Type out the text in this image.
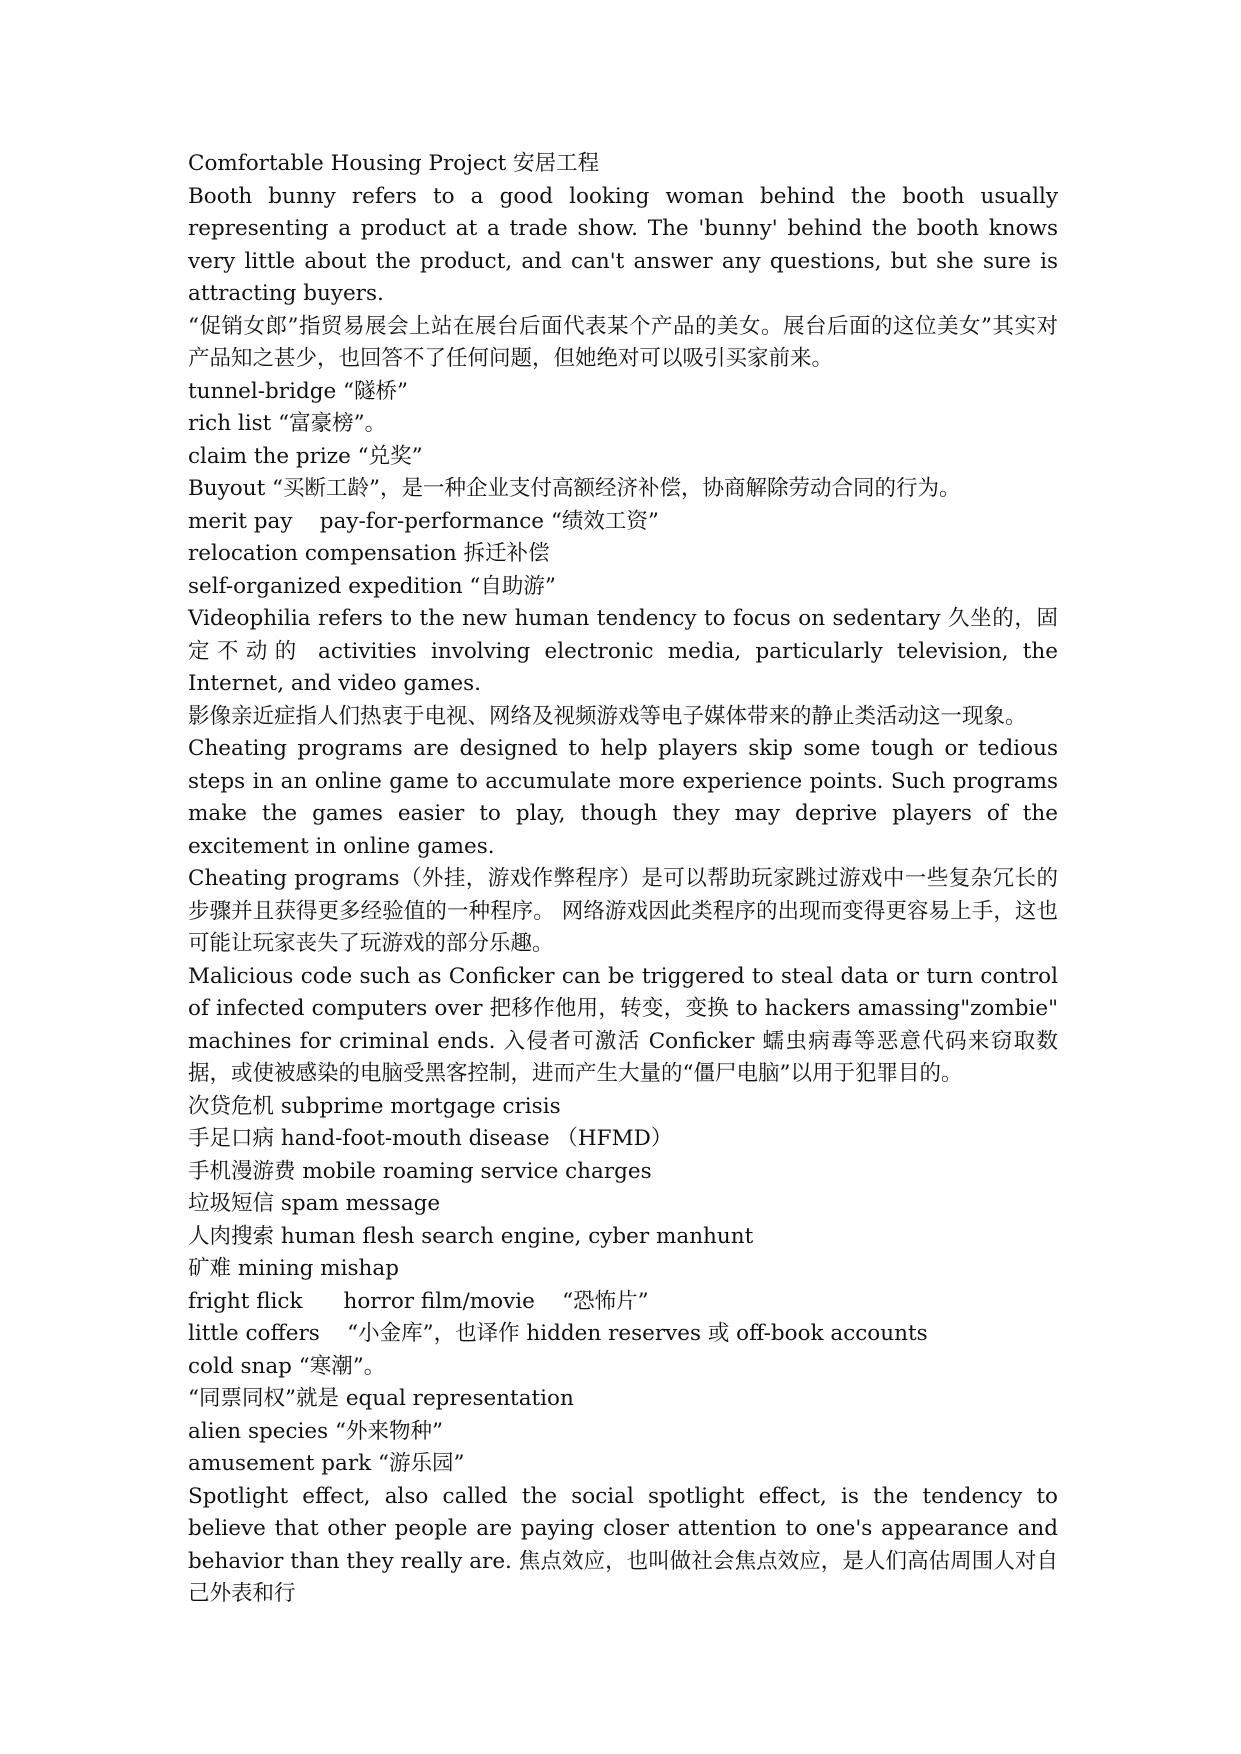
Comfortable Housing Project 安居工程

Booth bunny refers to a good looking woman behind the booth usually representing a product at a trade show. The 'bunny' behind the booth knows very little about the product, and can't answer any questions, but she sure is attracting buyers.

“促销女郎”指贸易展会上站在展台后面代表某个产品的美女。展台后面的这位美女”其实对产品知之甚少，也回答不了任何问题，但她绝对可以吸引买家前来。

tunnel-bridge “隧桥”

rich list “富豪榜”。

claim the prize “兑奖”

Buyout “买断工龄”，是一种企业支付高额经济补偿，协商解除劳动合同的行为。

merit pay    pay-for-performance “绩效工资”

relocation compensation 拆迁补偿

self-organized expedition “自助游”

Videophilia refers to the new human tendency to focus on sedentary 久坐的，固定不动的 activities involving electronic media, particularly television, the Internet, and video games.

影像亲近症指人们热衷于电视、网络及视频游戏等电子媒体带来的静止类活动这一现象。

Cheating programs are designed to help players skip some tough or tedious steps in an online game to accumulate more experience points. Such programs make the games easier to play, though they may deprive players of the excitement in online games.

Cheating programs（外挂，游戏作弊程序）是可以帮助玩家跳过游戏中一些复杂冗长的步骤并且获得更多经验值的一种程序。 网络游戏因此类程序的出现而变得更容易上手，这也可能让玩家丧失了玩游戏的部分乐趣。

Malicious code such as Conficker can be triggered to steal data or turn control of infected computers over 把移作他用，转变，变换 to hackers amassing"zombie" machines for criminal ends. 入侵者可激活 Conficker 蠕虫病毒等恶意代码来窃取数据，或使被感染的电脑受黑客控制，进而产生大量的“僵尸电脑”以用于犯罪目的。

次贷危机 subprime mortgage crisis

手足口病 hand-foot-mouth disease （HFMD）

手机漫游费 mobile roaming service charges

垃圾短信 spam message

人肉搜索 human flesh search engine, cyber manhunt

矿难 mining mishap

fright flick      horror film/movie    “恐怖片”

little coffers    “小金库”，也译作 hidden reserves 或 off-book accounts

cold snap “寒潮”。

“同票同权”就是 equal representation

alien species “外来物种”

amusement park “游乐园”

Spotlight effect, also called the social spotlight effect, is the tendency to believe that other people are paying closer attention to one's appearance and behavior than they really are. 焦点效应，也叫做社会焦点效应，是人们高估周围人对自己外表和行
